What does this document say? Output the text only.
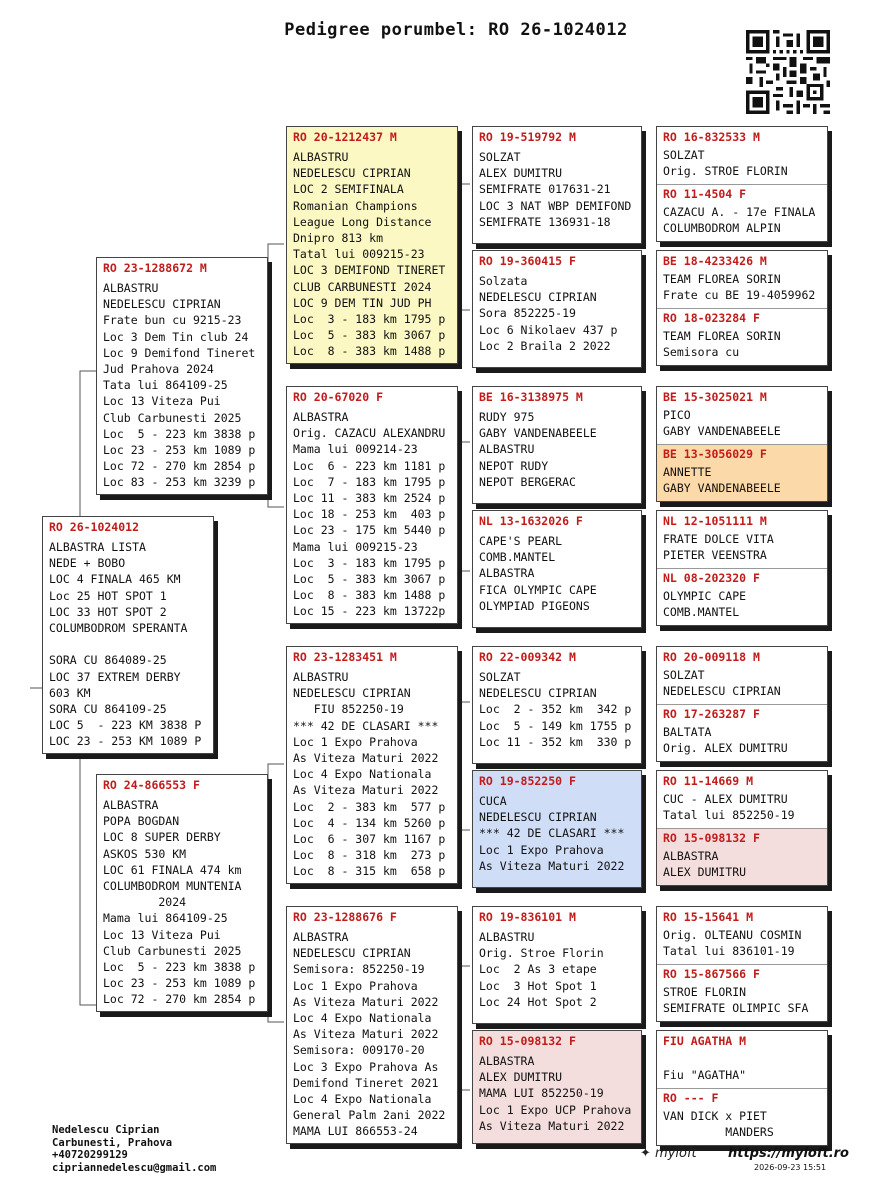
Pedigree porumbel: RO 26-1024012
RO 26-1024012
ALBASTRA LISTA
NEDE + BOBO
LOC 4 FINALA 465 KM
Loc 25 HOT SPOT 1
LOC 33 HOT SPOT 2
COLUMBODROM SPERANTA
SORA CU 864089-25
LOC 37 EXTREM DERBY
603 KM
SORA CU 864109-25
LOC 5  - 223 KM 3838 P
LOC 23 - 253 KM 1089 P
RO 23-1288672 M
ALBASTRU
NEDELESCU CIPRIAN
Frate bun cu 9215-23
Loc 3 Dem Tin club 24
Loc 9 Demifond Tineret
Jud Prahova 2024
Tata lui 864109-25
Loc 13 Viteza Pui
Club Carbunesti 2025
Loc  5 - 223 km 3838 p
Loc 23 - 253 km 1089 p
Loc 72 - 270 km 2854 p
Loc 83 - 253 km 3239 p
RO 24-866553 F
ALBASTRA
POPA BOGDAN
LOC 8 SUPER DERBY
ASKOS 530 KM
LOC 61 FINALA 474 km
COLUMBODROM MUNTENIA
2024
Mama lui 864109-25
Loc 13 Viteza Pui
Club Carbunesti 2025
Loc  5 - 223 km 3838 p
Loc 23 - 253 km 1089 p
Loc 72 - 270 km 2854 p
RO 20-1212437 M
ALBASTRU
NEDELESCU CIPRIAN
LOC 2 SEMIFINALA
Romanian Champions
League Long Distance
Dnipro 813 km
Tatal lui 009215-23
LOC 3 DEMIFOND TINERET
CLUB CARBUNESTI 2024
LOC 9 DEM TIN JUD PH
Loc  3 - 183 km 1795 p
Loc  5 - 383 km 3067 p
Loc  8 - 383 km 1488 p
RO 20-67020 F
ALBASTRA
Orig. CAZACU ALEXANDRU
Mama lui 009214-23
Loc  6 - 223 km 1181 p
Loc  7 - 183 km 1795 p
Loc 11 - 383 km 2524 p
Loc 18 - 253 km  403 p
Loc 23 - 175 km 5440 p
Mama lui 009215-23
Loc  3 - 183 km 1795 p
Loc  5 - 383 km 3067 p
Loc  8 - 383 km 1488 p
Loc 15 - 223 km 13722p
RO 23-1283451 M
ALBASTRU
NEDELESCU CIPRIAN
FIU 852250-19
*** 42 DE CLASARI ***
Loc 1 Expo Prahova
As Viteza Maturi 2022
Loc 4 Expo Nationala
As Viteza Maturi 2022
Loc  2 - 383 km  577 p
Loc  4 - 134 km 5260 p
Loc  6 - 307 km 1167 p
Loc  8 - 318 km  273 p
Loc  8 - 315 km  658 p
RO 23-1288676 F
ALBASTRA
NEDELESCU CIPRIAN
Semisora: 852250-19
Loc 1 Expo Prahova
As Viteza Maturi 2022
Loc 4 Expo Nationala
As Viteza Maturi 2022
Semisora: 009170-20
Loc 3 Expo Prahova As
Demifond Tineret 2021
Loc 4 Expo Nationala
General Palm 2ani 2022
MAMA LUI 866553-24
RO 19-519792 M
SOLZAT
ALEX DUMITRU
SEMIFRATE 017631-21
LOC 3 NAT WBP DEMIFOND
SEMIFRATE 136931-18
RO 19-360415 F
Solzata
NEDELESCU CIPRIAN
Sora 852225-19
Loc 6 Nikolaev 437 p
Loc 2 Braila 2 2022
BE 16-3138975 M
RUDY 975
GABY VANDENABEELE
ALBASTRU
NEPOT RUDY
NEPOT BERGERAC
NL 13-1632026 F
CAPE'S PEARL
COMB.MANTEL
ALBASTRA
FICA OLYMPIC CAPE
OLYMPIAD PIGEONS
RO 22-009342 M
SOLZAT
NEDELESCU CIPRIAN
Loc  2 - 352 km  342 p
Loc  5 - 149 km 1755 p
Loc 11 - 352 km  330 p
RO 19-852250 F
CUCA
NEDELESCU CIPRIAN
*** 42 DE CLASARI ***
Loc 1 Expo Prahova
As Viteza Maturi 2022
RO 19-836101 M
ALBASTRU
Orig. Stroe Florin
Loc  2 As 3 etape
Loc  3 Hot Spot 1
Loc 24 Hot Spot 2
RO 15-098132 F
ALBASTRA
ALEX DUMITRU
MAMA LUI 852250-19
Loc 1 Expo UCP Prahova
As Viteza Maturi 2022
RO 16-832533 M
SOLZAT
Orig. STROE FLORIN
RO 11-4504 F
CAZACU A. - 17e FINALA
COLUMBODROM ALPIN
BE 18-4233426 M
TEAM FLOREA SORIN
Frate cu BE 19-4059962
RO 18-023284 F
TEAM FLOREA SORIN
Semisora cu
BE 15-3025021 M
PICO
GABY VANDENABEELE
BE 13-3056029 F
ANNETTE
GABY VANDENABEELE
NL 12-1051111 M
FRATE DOLCE VITA
PIETER VEENSTRA
NL 08-202320 F
OLYMPIC CAPE
COMB.MANTEL
RO 20-009118 M
SOLZAT
NEDELESCU CIPRIAN
RO 17-263287 F
BALTATA
Orig. ALEX DUMITRU
RO 11-14669 M
CUC - ALEX DUMITRU
Tatal lui 852250-19
RO 15-098132 F
ALBASTRA
ALEX DUMITRU
RO 15-15641 M
Orig. OLTEANU COSMIN
Tatal lui 836101-19
RO 15-867566 F
STROE FLORIN
SEMIFRATE OLIMPIC SFA
FIU AGATHA M
Fiu "AGATHA"
RO --- F
VAN DICK x PIET
MANDERS
Nedelescu Ciprian
Carbunesti, Prahova
+40720299129
cipriannedelescu@gmail.com
✦ myloft	https://myloft.ro
2026-09-23 15:51
